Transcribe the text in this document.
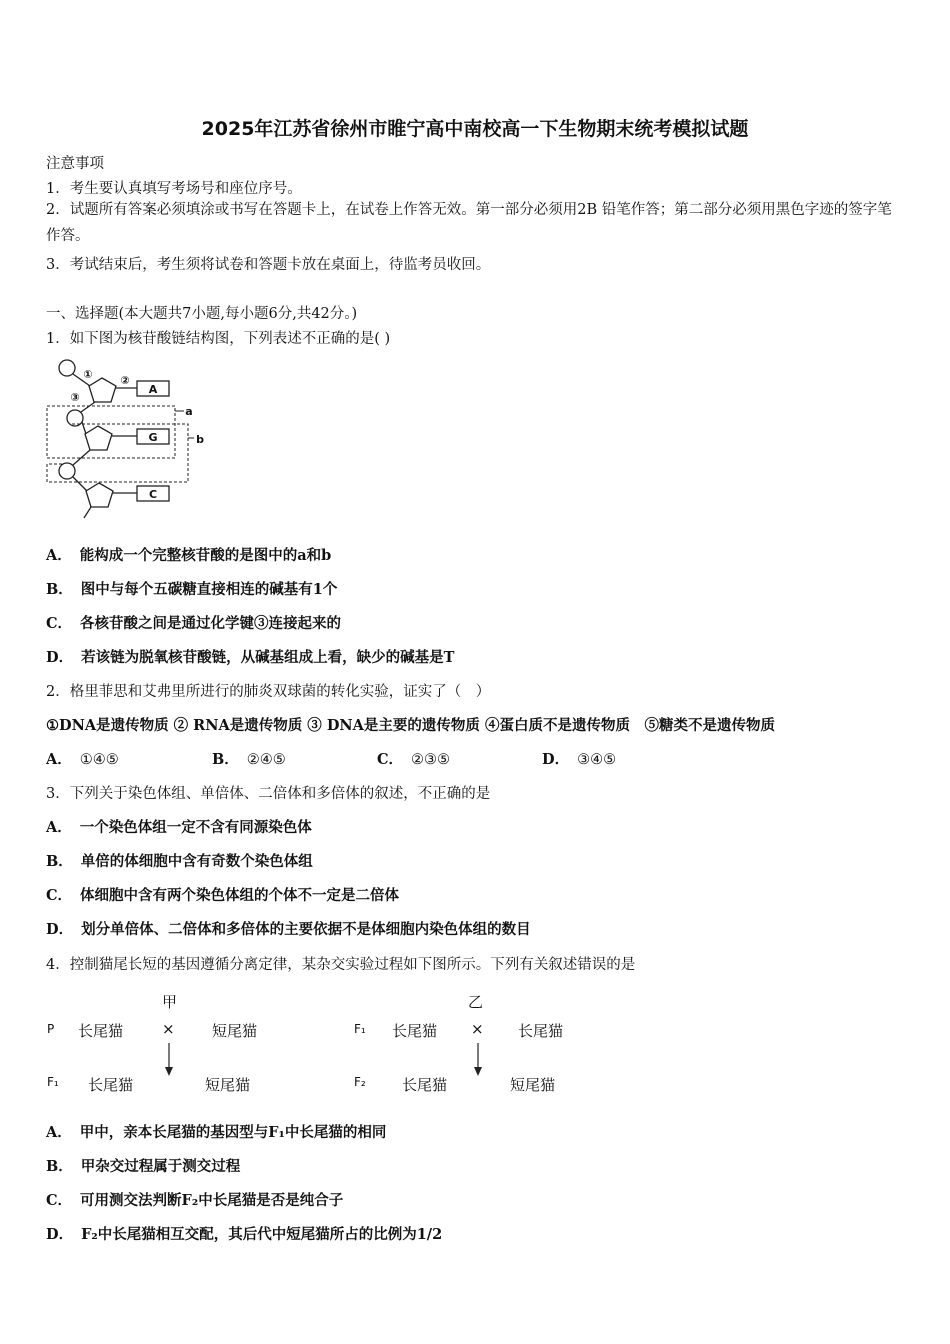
2025年江苏省徐州市睢宁高中南校高一下生物期末统考模拟试题
注意事项
1．考生要认真填写考场号和座位序号。
2．试题所有答案必须填涂或书写在答题卡上，在试卷上作答无效。第一部分必须用2B 铅笔作答；第二部分必须用黑色字迹的签字笔作答。
3．考试结束后，考生须将试卷和答题卡放在桌面上，待监考员收回。
一、选择题(本大题共7小题,每小题6分,共42分。)
1．如下图为核苷酸链结构图，下列表述不正确的是( )
①	②
③
A
G
C
a
b
A． 能构成一个完整核苷酸的是图中的a和b
B． 图中与每个五碳糖直接相连的碱基有1个
C． 各核苷酸之间是通过化学键③连接起来的
D． 若该链为脱氧核苷酸链，从碱基组成上看，缺少的碱基是T
2．格里菲思和艾弗里所进行的肺炎双球菌的转化实验，证实了（　）
①DNA是遗传物质 ② RNA是遗传物质 ③ DNA是主要的遗传物质 ④蛋白质不是遗传物质　⑤糖类不是遗传物质
A． ①④⑤	B． ②④⑤	C． ②③⑤	D． ③④⑤
3．下列关于染色体组、单倍体、二倍体和多倍体的叙述，不正确的是
A． 一个染色体组一定不含有同源染色体
B． 单倍的体细胞中含有奇数个染色体组
C． 体细胞中含有两个染色体组的个体不一定是二倍体
D． 划分单倍体、二倍体和多倍体的主要依据不是体细胞内染色体组的数目
4．控制猫尾长短的基因遵循分离定律，某杂交实验过程如下图所示。下列有关叙述错误的是
甲
P 长尾猫	× 短尾猫
F₁ 长尾猫	短尾猫
乙
F₁ 长尾猫 × 长尾猫
F₂ 长尾猫	短尾猫
A． 甲中，亲本长尾猫的基因型与F₁中长尾猫的相同
B． 甲杂交过程属于测交过程
C． 可用测交法判断F₂中长尾猫是否是纯合子
D． F₂中长尾猫相互交配，其后代中短尾猫所占的比例为1/2
